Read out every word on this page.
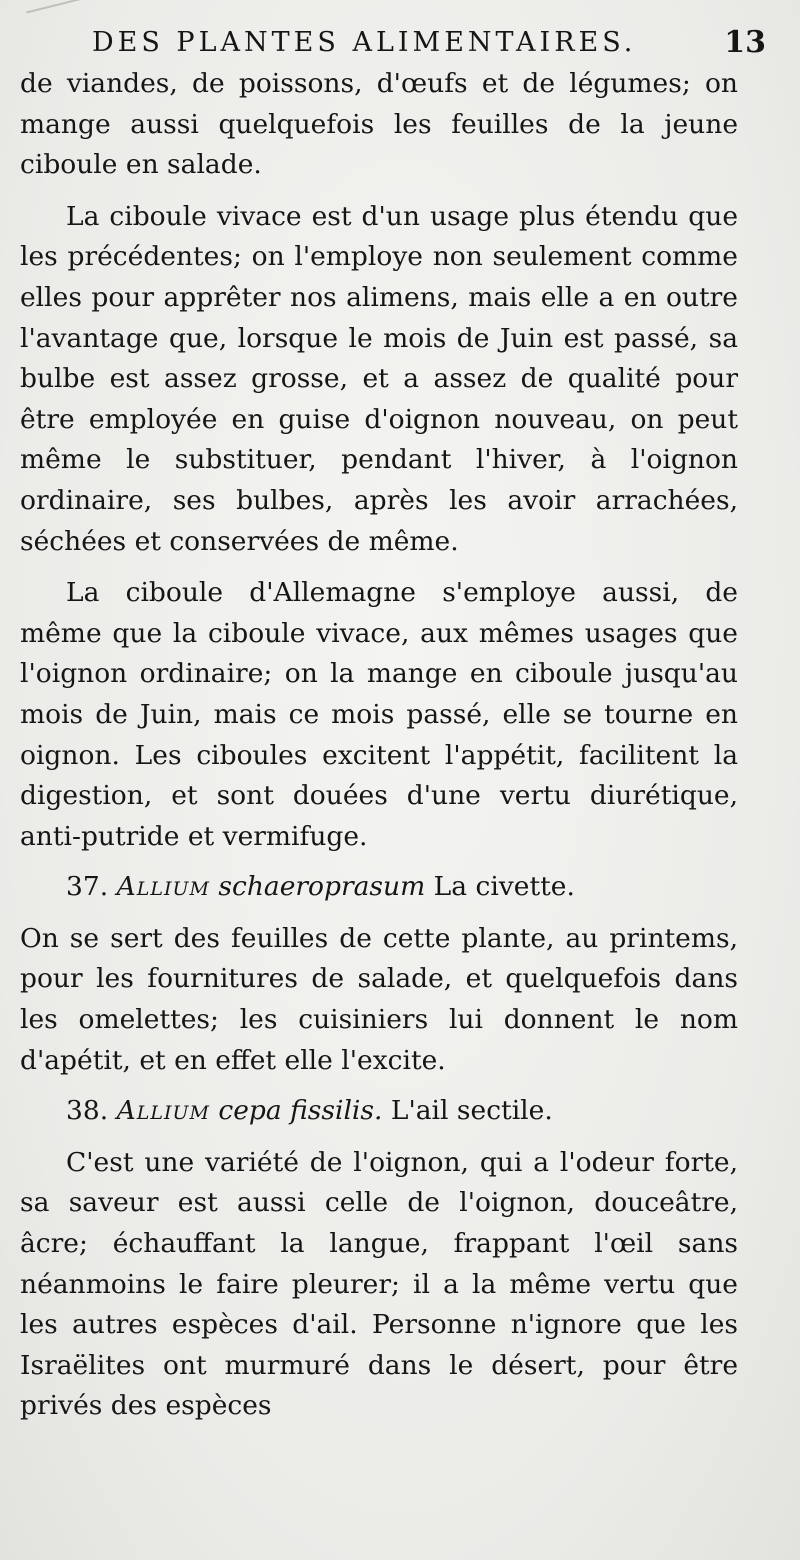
DES PLANTES ALIMENTAIRES.	13

de viandes, de poissons, d'œufs et de légumes; on mange aussi quelquefois les feuilles de la jeune ciboule en salade.

La ciboule vivace est d'un usage plus étendu que les précédentes; on l'employe non seulement comme elles pour apprêter nos alimens, mais elle a en outre l'avantage que, lorsque le mois de Juin est passé, sa bulbe est assez grosse, et a assez de qualité pour être employée en guise d'oignon nouveau, on peut même le substituer, pendant l'hiver, à l'oignon ordinaire, ses bulbes, après les avoir arrachées, séchées et conservées de même.

La ciboule d'Allemagne s'employe aussi, de même que la ciboule vivace, aux mêmes usages que l'oignon ordinaire; on la mange en ciboule jusqu'au mois de Juin, mais ce mois passé, elle se tourne en oignon. Les ciboules excitent l'appétit, facilitent la digestion, et sont douées d'une vertu diurétique, anti-putride et vermifuge.

37. Allium schaeroprasum La civette.

On se sert des feuilles de cette plante, au printems, pour les fournitures de salade, et quelquefois dans les omelettes; les cuisiniers lui donnent le nom d'apétit, et en effet elle l'excite.

38. Allium cepa fissilis. L'ail sectile.

C'est une variété de l'oignon, qui a l'odeur forte, sa saveur est aussi celle de l'oignon, douceâtre, âcre; échauffant la langue, frappant l'œil sans néanmoins le faire pleurer; il a la même vertu que les autres espèces d'ail. Personne n'ignore que les Israëlites ont murmuré dans le désert, pour être privés des espèces
